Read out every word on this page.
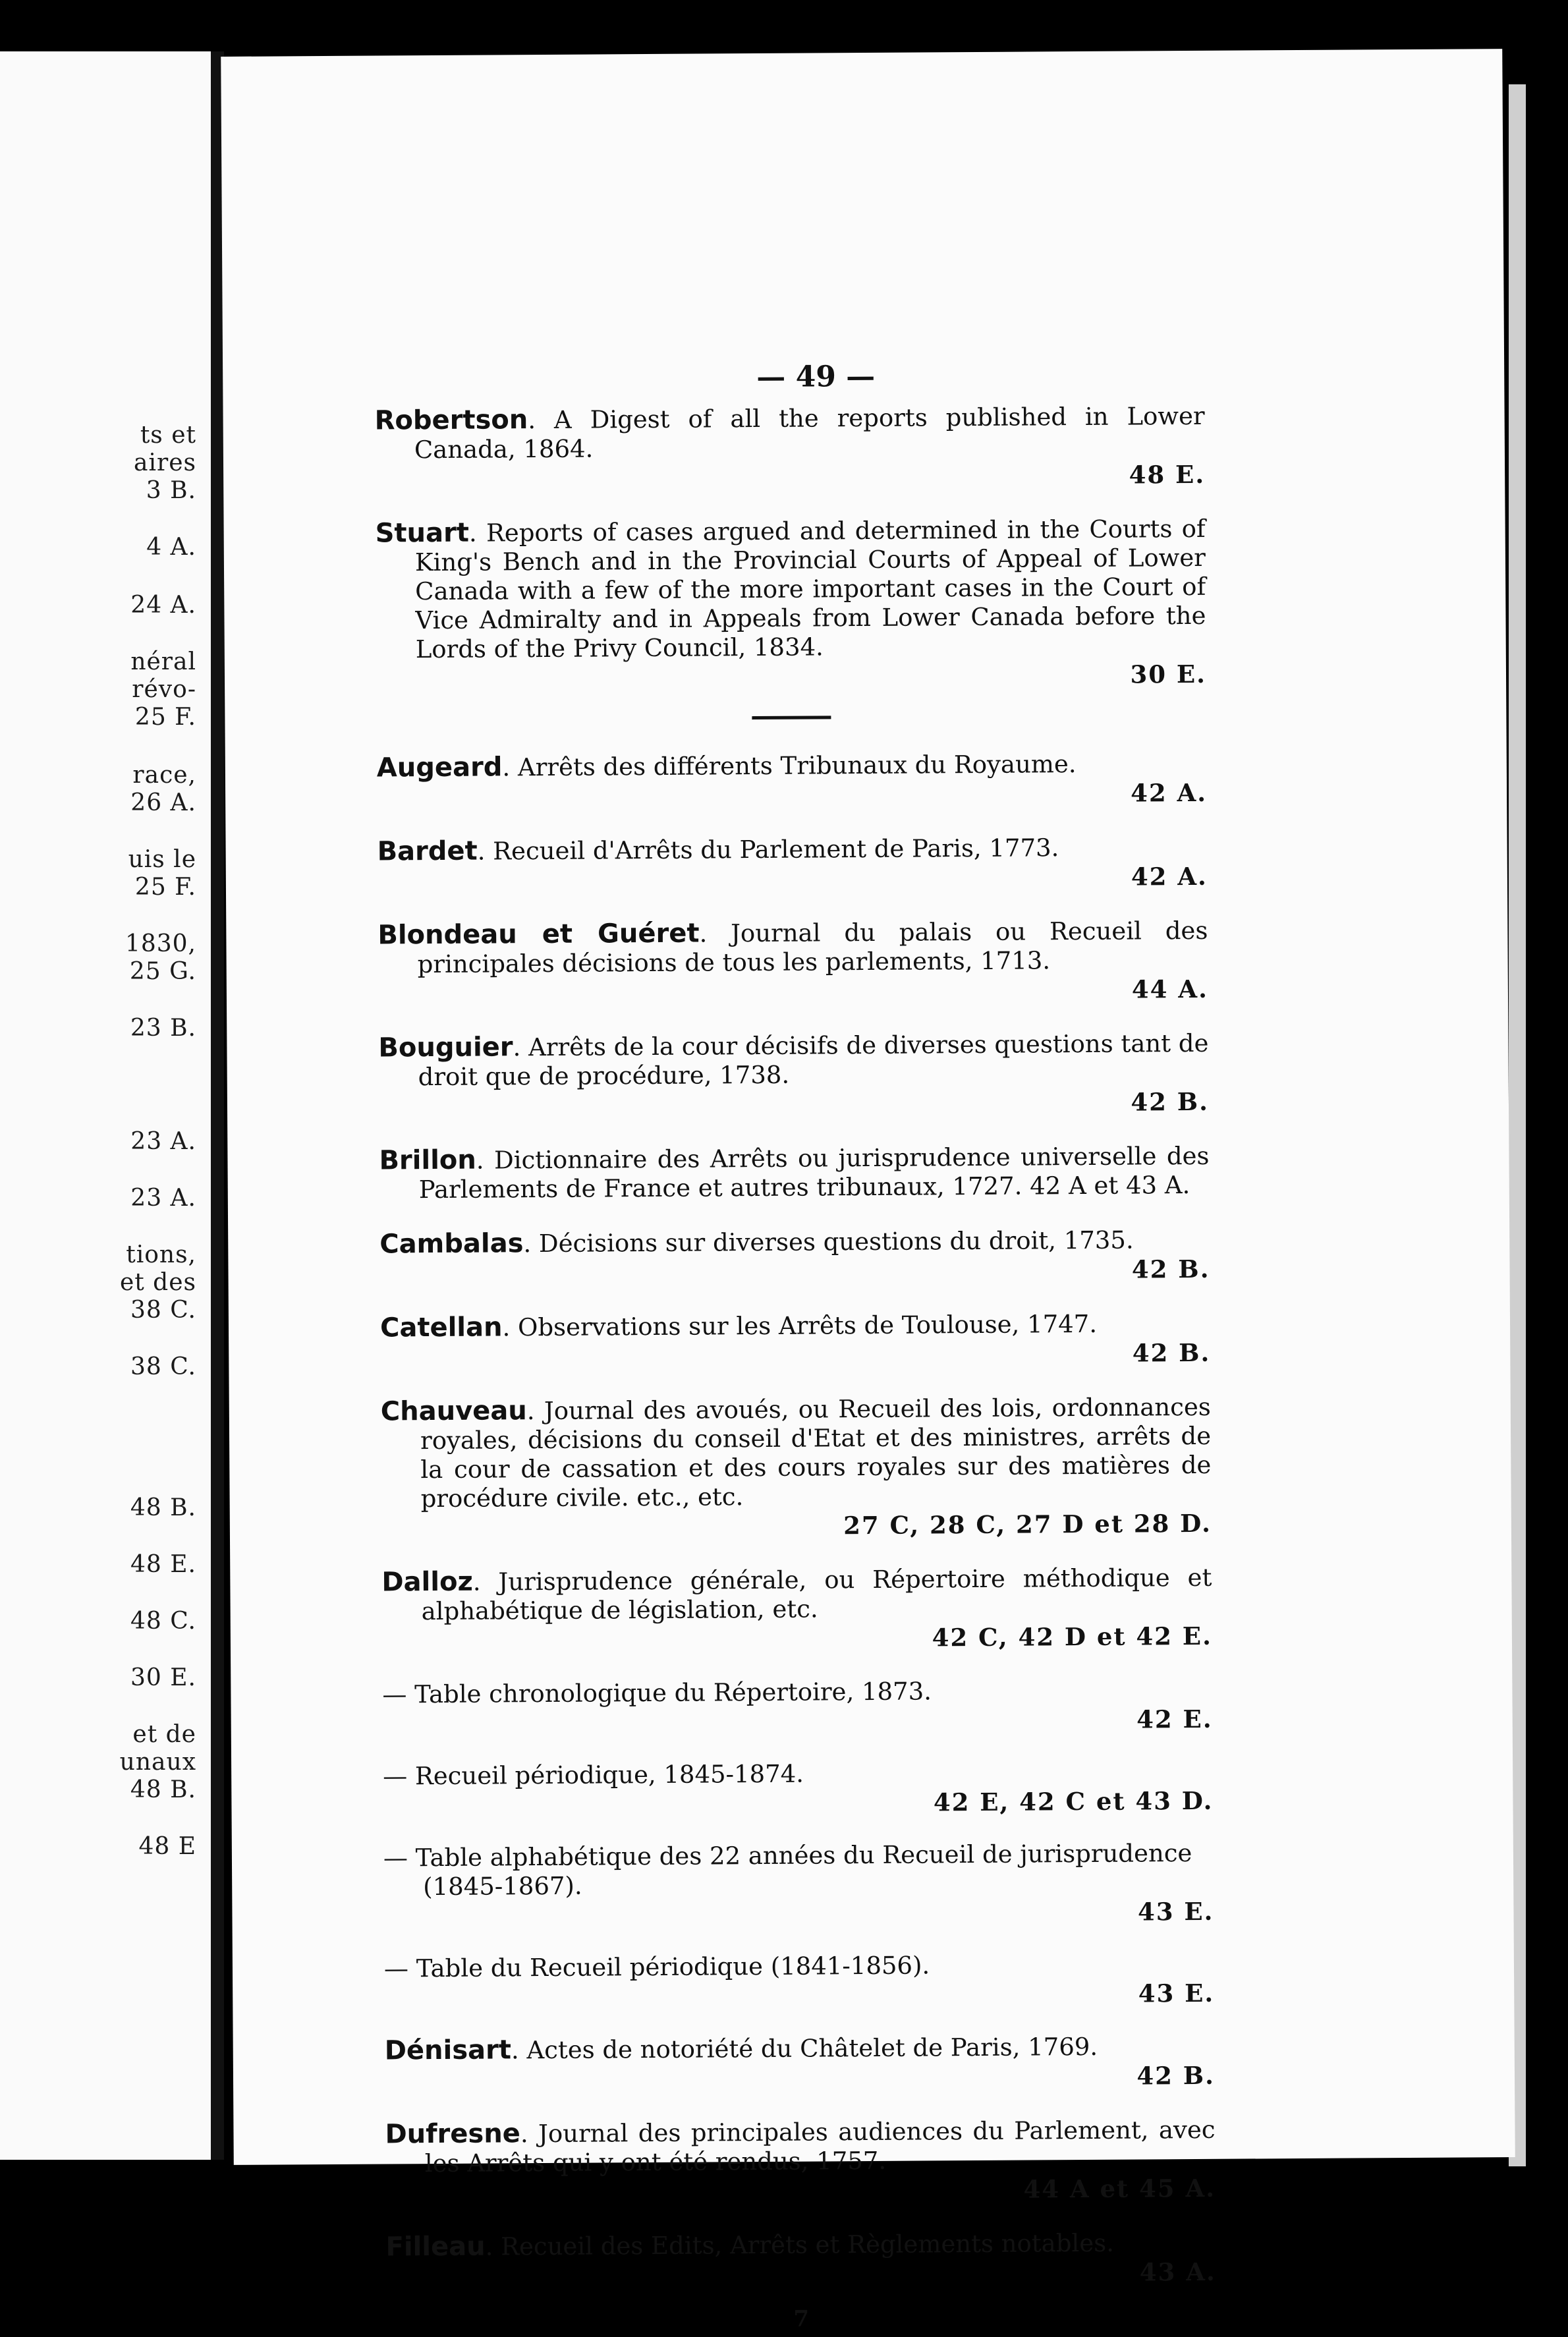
ts et
aires
3 B.
4 A.
24 A.
néral
révo-
25 F.
race,
26 A.
uis le
25 F.
1830,
25 G.
23 B.
23 A.
23 A.
tions,
et des
38 C.
38 C.
48 B.
48 E.
48 C.
30 E.
et de
unaux
48 B.
48 E
— 49 —
Robertson. A Digest of all the reports published in Lower Canada, 1864.
48 E.
Stuart. Reports of cases argued and determined in the Courts of King's Bench and in the Provincial Courts of Appeal of Lower Canada with a few of the more important cases in the Court of Vice Admiralty and in Appeals from Lower Canada before the Lords of the Privy Council, 1834.
30 E.
Augeard. Arrêts des différents Tribunaux du Royaume.
42 A.
Bardet. Recueil d'Arrêts du Parlement de Paris, 1773.
42 A.
Blondeau et Guéret. Journal du palais ou Recueil des principales décisions de tous les parlements, 1713.
44 A.
Bouguier. Arrêts de la cour décisifs de diverses questions tant de droit que de procédure, 1738.
42 B.
Brillon. Dictionnaire des Arrêts ou jurisprudence universelle des Parlements de France et autres tribunaux, 1727. 42 A et 43 A.
Cambalas. Décisions sur diverses questions du droit, 1735.
42 B.
Catellan. Observations sur les Arrêts de Toulouse, 1747.
42 B.
Chauveau. Journal des avoués, ou Recueil des lois, ordonnances royales, décisions du conseil d'Etat et des ministres, arrêts de la cour de cassation et des cours royales sur des matières de procédure civile. etc., etc.
27 C, 28 C, 27 D et 28 D.
Dalloz. Jurisprudence générale, ou Répertoire méthodique et alphabétique de législation, etc.
42 C, 42 D et 42 E.
— Table chronologique du Répertoire, 1873.
42 E.
— Recueil périodique, 1845-1874.
42 E, 42 C et 43 D.
— Table alphabétique des 22 années du Recueil de jurisprudence (1845-1867).
43 E.
— Table du Recueil périodique (1841-1856).
43 E.
Dénisart. Actes de notoriété du Châtelet de Paris, 1769.
42 B.
Dufresne. Journal des principales audiences du Parlement, avec les Arrêts qui y ont été rendus, 1757.
44 A et 45 A.
Filleau. Recueil des Edits, Arrêts et Règlements notables.
43 A.
7
